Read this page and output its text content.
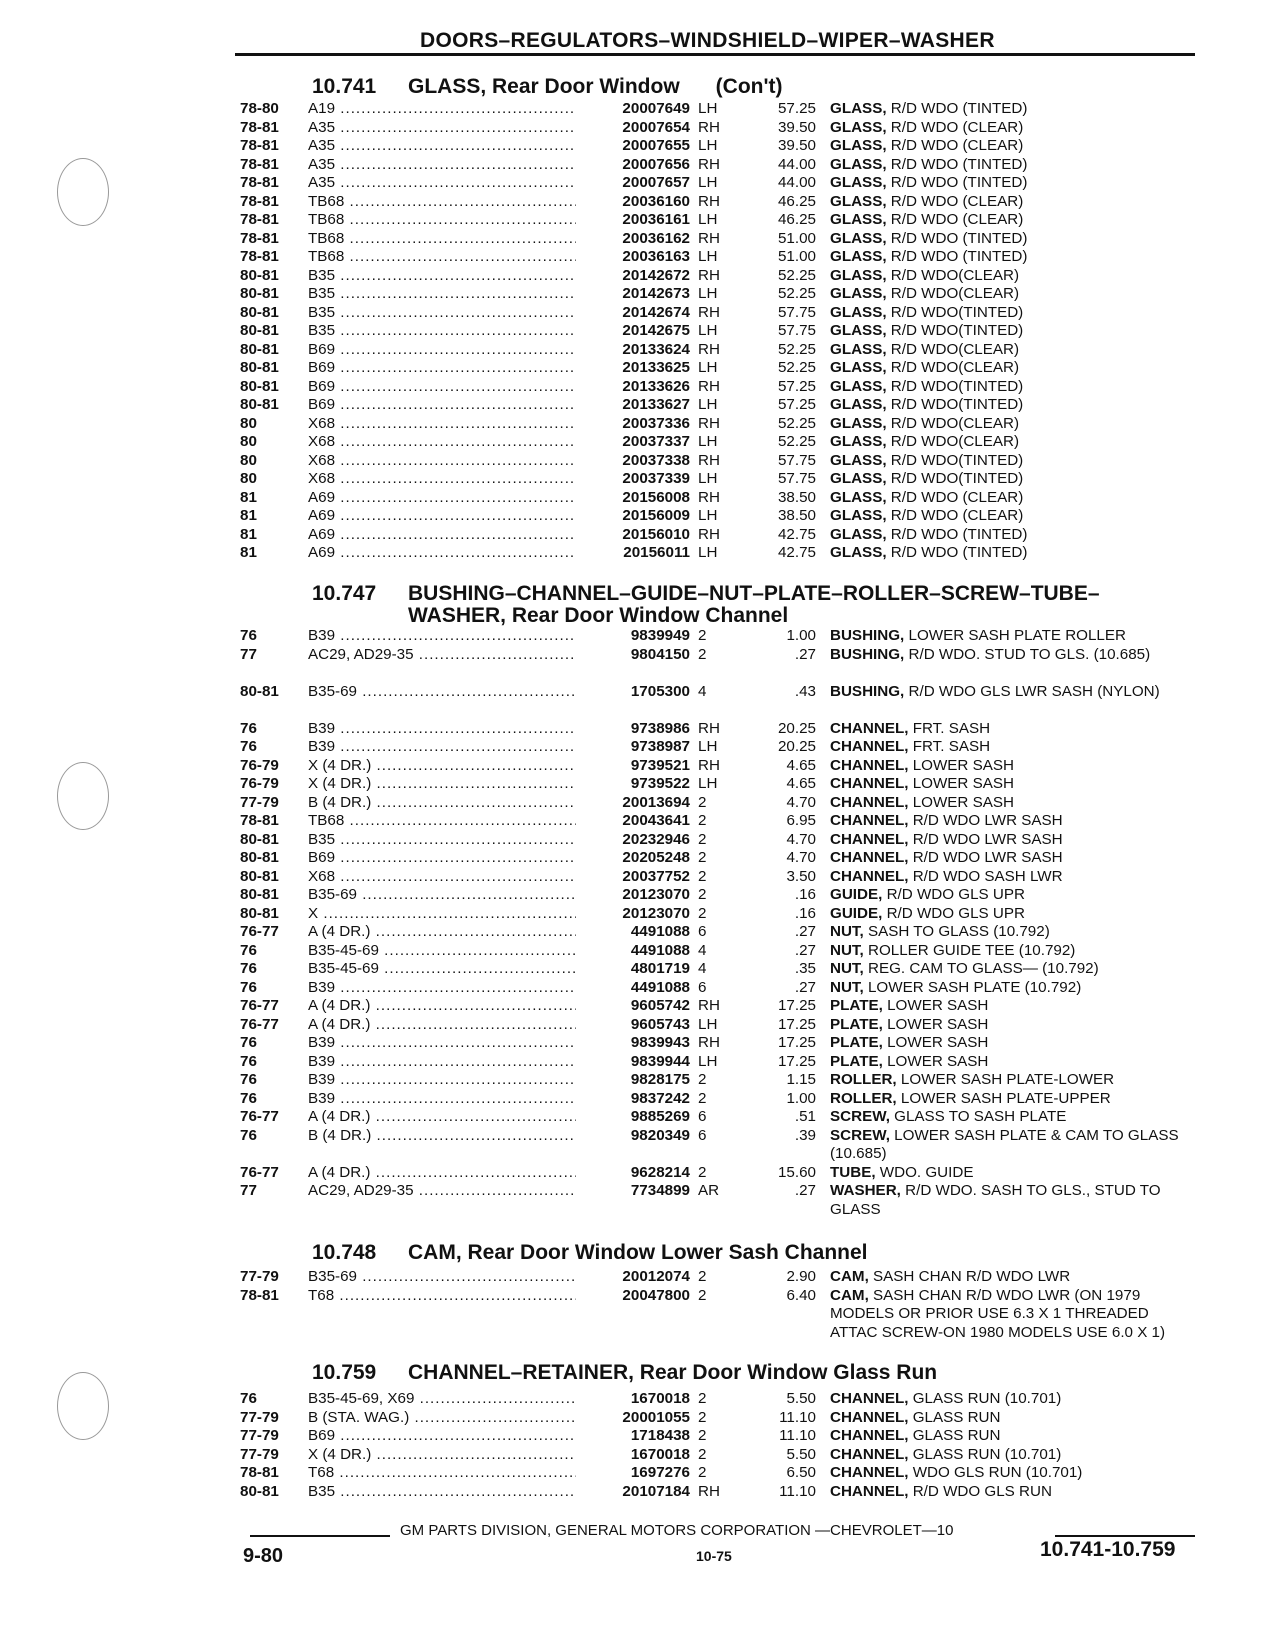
DOORS–REGULATORS–WINDSHIELD–WIPER–WASHER
10.741 GLASS, Rear Door Window (Con't)
78-80 A19 .....	20007649 LH	57.25 GLASS, R/D WDO (TINTED)
78-81 A35 .....	20007654 RH	39.50 GLASS, R/D WDO (CLEAR)
78-81 A35 .....	20007655 LH	39.50 GLASS, R/D WDO (CLEAR)
78-81 A35 .....	20007656 RH	44.00 GLASS, R/D WDO (TINTED)
78-81 A35 .....	20007657 LH	44.00 GLASS, R/D WDO (TINTED)
78-81 TB68 .....	20036160 RH	46.25 GLASS, R/D WDO (CLEAR)
78-81 TB68 .....	20036161 LH	46.25 GLASS, R/D WDO (CLEAR)
78-81 TB68 .....	20036162 RH	51.00 GLASS, R/D WDO (TINTED)
78-81 TB68 .....	20036163 LH	51.00 GLASS, R/D WDO (TINTED)
80-81 B35 .....	20142672 RH	52.25 GLASS, R/D WDO(CLEAR)
80-81 B35 .....	20142673 LH	52.25 GLASS, R/D WDO(CLEAR)
80-81 B35 .....	20142674 RH	57.75 GLASS, R/D WDO(TINTED)
80-81 B35 .....	20142675 LH	57.75 GLASS, R/D WDO(TINTED)
80-81 B69 .....	20133624 RH	52.25 GLASS, R/D WDO(CLEAR)
80-81 B69 .....	20133625 LH	52.25 GLASS, R/D WDO(CLEAR)
80-81 B69 .....	20133626 RH	57.25 GLASS, R/D WDO(TINTED)
80-81 B69 .....	20133627 LH	57.25 GLASS, R/D WDO(TINTED)
80	X68 .....	20037336 RH	52.25 GLASS, R/D WDO(CLEAR)
80	X68 .....	20037337 LH	52.25 GLASS, R/D WDO(CLEAR)
80	X68 .....	20037338 RH	57.75 GLASS, R/D WDO(TINTED)
80	X68 .....	20037339 LH	57.75 GLASS, R/D WDO(TINTED)
81	A69 .....	20156008 RH	38.50 GLASS, R/D WDO (CLEAR)
81	A69 .....	20156009 LH	38.50 GLASS, R/D WDO (CLEAR)
81	A69 .....	20156010 RH	42.75 GLASS, R/D WDO (TINTED)
81	A69 .....	20156011 LH	42.75 GLASS, R/D WDO (TINTED)
10.747 BUSHING–CHANNEL–GUIDE–NUT–PLATE–ROLLER–SCREW–TUBE–
WASHER, Rear Door Window Channel
76	B39 .....	9839949 2	1.00 BUSHING, LOWER SASH PLATE ROLLER
77	AC29, AD29-35 .....	9804150 2	.27 BUSHING, R/D WDO. STUD TO GLS. (10.685)
80-81 B35-69 .....	1705300 4	.43 BUSHING, R/D WDO GLS LWR SASH (NYLON)
76	B39 .....	9738986 RH	20.25 CHANNEL, FRT. SASH
76	B39 .....	9738987 LH	20.25 CHANNEL, FRT. SASH
76-79 X (4 DR.) .....	9739521 RH	4.65 CHANNEL, LOWER SASH
76-79 X (4 DR.) .....	9739522 LH	4.65 CHANNEL, LOWER SASH
77-79 B (4 DR.) .....	20013694 2	4.70 CHANNEL, LOWER SASH
78-81 TB68 .....	20043641 2	6.95 CHANNEL, R/D WDO LWR SASH
80-81 B35 .....	20232946 2	4.70 CHANNEL, R/D WDO LWR SASH
80-81 B69 .....	20205248 2	4.70 CHANNEL, R/D WDO LWR SASH
80-81 X68 .....	20037752 2	3.50 CHANNEL, R/D WDO SASH LWR
80-81 B35-69 .....	20123070 2	.16 GUIDE, R/D WDO GLS UPR
80-81 X .....	20123070 2	.16 GUIDE, R/D WDO GLS UPR
76-77 A (4 DR.) .....	4491088 6	.27 NUT, SASH TO GLASS (10.792)
76	B35-45-69 .....	4491088 4	.27 NUT, ROLLER GUIDE TEE (10.792)
76	B35-45-69 .....	4801719 4	.35 NUT, REG. CAM TO GLASS— (10.792)
76	B39 .....	4491088 6	.27 NUT, LOWER SASH PLATE (10.792)
76-77 A (4 DR.) .....	9605742 RH	17.25 PLATE, LOWER SASH
76-77 A (4 DR.) .....	9605743 LH	17.25 PLATE, LOWER SASH
76	B39 .....	9839943 RH	17.25 PLATE, LOWER SASH
76	B39 .....	9839944 LH	17.25 PLATE, LOWER SASH
76	B39 .....	9828175 2	1.15 ROLLER, LOWER SASH PLATE-LOWER
76	B39 .....	9837242 2	1.00 ROLLER, LOWER SASH PLATE-UPPER
76-77 A (4 DR.) .....	9885269 6	.51 SCREW, GLASS TO SASH PLATE
76	B (4 DR.) .....	9820349 6	.39 SCREW, LOWER SASH PLATE & CAM TO GLASS (10.685)
76-77 A (4 DR.) .....	9628214 2	15.60 TUBE, WDO. GUIDE
77	AC29, AD29-35 .....	7734899 AR	.27 WASHER, R/D WDO. SASH TO GLS., STUD TO GLASS
10.748 CAM, Rear Door Window Lower Sash Channel
77-79 B35-69 .....	20012074 2	2.90 CAM, SASH CHAN R/D WDO LWR
78-81 T68 .....	20047800 2	6.40 CAM, SASH CHAN R/D WDO LWR (ON 1979 MODELS OR PRIOR USE 6.3 X 1 THREADED ATTAC SCREW-ON 1980 MODELS USE 6.0 X 1)
10.759 CHANNEL–RETAINER, Rear Door Window Glass Run
76	B35-45-69, X69 .....	1670018 2	5.50 CHANNEL, GLASS RUN (10.701)
77-79 B (STA. WAG.) .....	20001055 2	11.10 CHANNEL, GLASS RUN
77-79 B69 .....	1718438 2	11.10 CHANNEL, GLASS RUN
77-79 X (4 DR.) .....	1670018 2	5.50 CHANNEL, GLASS RUN (10.701)
78-81 T68 .....	1697276 2	6.50 CHANNEL, WDO GLS RUN (10.701)
80-81 B35 .....	20107184 RH	11.10 CHANNEL, R/D WDO GLS RUN
GM PARTS DIVISION, GENERAL MOTORS CORPORATION —CHEVROLET—10
9-80	10-75	10.741-10.759
